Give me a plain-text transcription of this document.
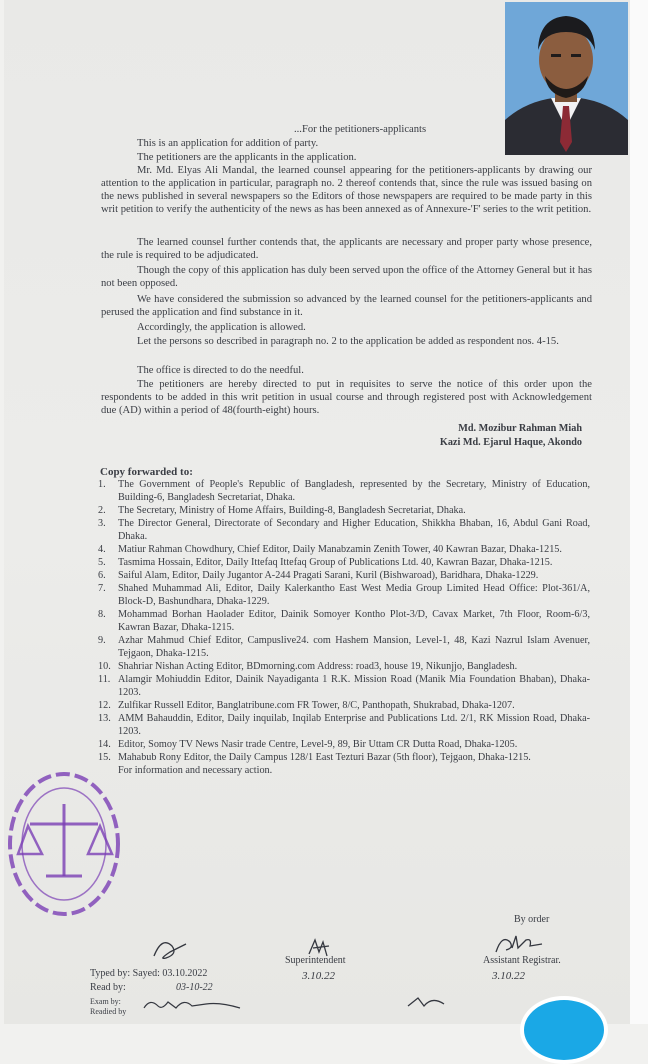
...For the petitioners-applicants

This is an application for addition of party.

The petitioners are the applicants in the application.

Mr. Md. Elyas Ali Mandal, the learned counsel appearing for the petitioners-applicants by drawing our attention to the application in particular, paragraph no. 2 thereof contends that, since the rule was issued basing on the news published in several newspapers so the Editors of those newspapers are required to be made party in this writ petition to verify the authenticity of the news as has been annexed as of Annexure-'F' series to the writ petition.

The learned counsel further contends that, the applicants are necessary and proper party whose presence, the rule is required to be adjudicated.

Though the copy of this application has duly been served upon the office of the Attorney General but it has not been opposed.

We have considered the submission so advanced by the learned counsel for the petitioners-applicants and perused the application and find substance in it.

Accordingly, the application is allowed.

Let the persons so described in paragraph no. 2 to the application be added as respondent nos. 4-15.

The office is directed to do the needful.

The petitioners are hereby directed to put in requisites to serve the notice of this order upon the respondents to be added in this writ petition in usual course and through registered post with Acknowledgement due (AD) within a period of 48(fourth-eight) hours.

Md. Mozibur Rahman Miah
Kazi Md. Ejarul Haque, Akondo
Copy forwarded to:
1. The Government of People's Republic of Bangladesh, represented by the Secretary, Ministry of Education, Building-6, Bangladesh Secretariat, Dhaka.
2. The Secretary, Ministry of Home Affairs, Building-8, Bangladesh Secretariat, Dhaka.
3. The Director General, Directorate of Secondary and Higher Education, Shikkha Bhaban, 16, Abdul Gani Road, Dhaka.
4. Matiur Rahman Chowdhury, Chief Editor, Daily Manabzamin Zenith Tower, 40 Kawran Bazar, Dhaka-1215.
5. Tasmima Hossain, Editor, Daily Ittefaq Ittefaq Group of Publications Ltd. 40, Kawran Bazar, Dhaka-1215.
6. Saiful Alam, Editor, Daily Jugantor A-244 Pragati Sarani, Kuril (Bishwaroad), Baridhara, Dhaka-1229.
7. Shahed Muhammad Ali, Editor, Daily Kalerkantho East West Media Group Limited Head Office: Plot-361/A, Block-D, Bashundhara, Dhaka-1229.
8. Mohammad Borhan Haolader Editor, Dainik Somoyer Kontho Plot-3/D, Cavax Market, 7th Floor, Room-6/3, Kawran Bazar, Dhaka-1215.
9. Azhar Mahmud Chief Editor, Campuslive24. com Hashem Mansion, Level-1, 48, Kazi Nazrul Islam Avenuer, Tejgaon, Dhaka-1215.
10. Shahriar Nishan Acting Editor, BDmorning.com Address: road3, house 19, Nikunjjo, Bangladesh.
11. Alamgir Mohiuddin Editor, Dainik Nayadiganta 1 R.K. Mission Road (Manik Mia Foundation Bhaban), Dhaka-1203.
12. Zulfikar Russell Editor, Banglatribune.com FR Tower, 8/C, Panthopath, Shukrabad, Dhaka-1207.
13. AMM Bahauddin, Editor, Daily inquilab, Inqilab Enterprise and Publications Ltd. 2/1, RK Mission Road, Dhaka-1203.
14. Editor, Somoy TV News Nasir trade Centre, Level-9, 89, Bir Uttam CR Dutta Road, Dhaka-1205.
15. Mahabub Rony Editor, the Daily Campus 128/1 East Tezturi Bazar (5th floor), Tejgaon, Dhaka-1215.
For information and necessary action.
By order
Superintendent	Assistant Registrar.
Typed by: Sayed: 03.10.2022
Read by:	03-10-22
Exam by:
Readied by
3.10.22	3.10.22
